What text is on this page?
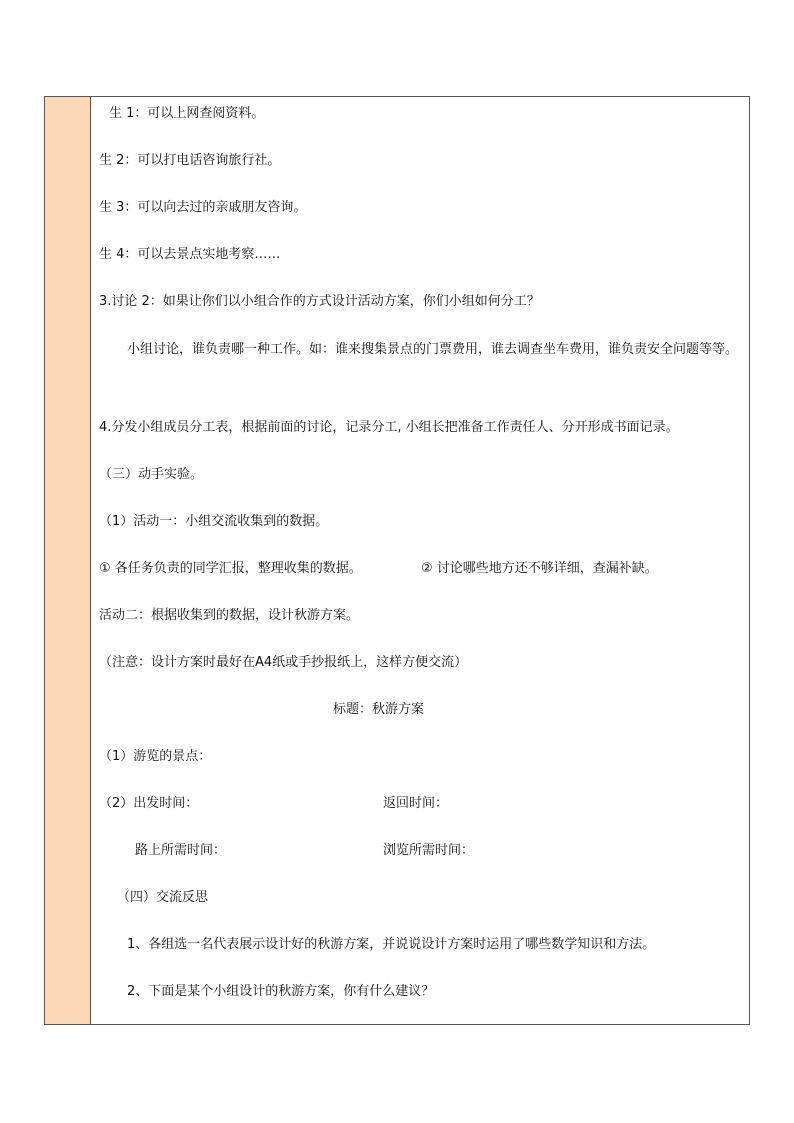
生 1：可以上网查阅资料。
生 2：可以打电话咨询旅行社。
生 3：可以向去过的亲戚朋友咨询。
生 4：可以去景点实地考察……
3.讨论 2：如果让你们以小组合作的方式设计活动方案，你们小组如何分工？
小组讨论，谁负责哪一种工作。如：谁来搜集景点的门票费用，谁去调查坐车费用，谁负责安全问题等等。
4.分发小组成员分工表，根据前面的讨论，记录分工, 小组长把准备工作责任人、分开形成书面记录。
（三）动手实验。
（1）活动一：小组交流收集到的数据。
① 各任务负责的同学汇报，整理收集的数据。	② 讨论哪些地方还不够详细，查漏补缺。
活动二：根据收集到的数据，设计秋游方案。
（注意：设计方案时最好在A4纸或手抄报纸上，这样方便交流）
标题：秋游方案
（1）游览的景点：
（2）出发时间：	返回时间：
路上所需时间：	浏览所需时间：
（四）交流反思
1、各组选一名代表展示设计好的秋游方案，并说说设计方案时运用了哪些数学知识和方法。
2、下面是某个小组设计的秋游方案，你有什么建议？
